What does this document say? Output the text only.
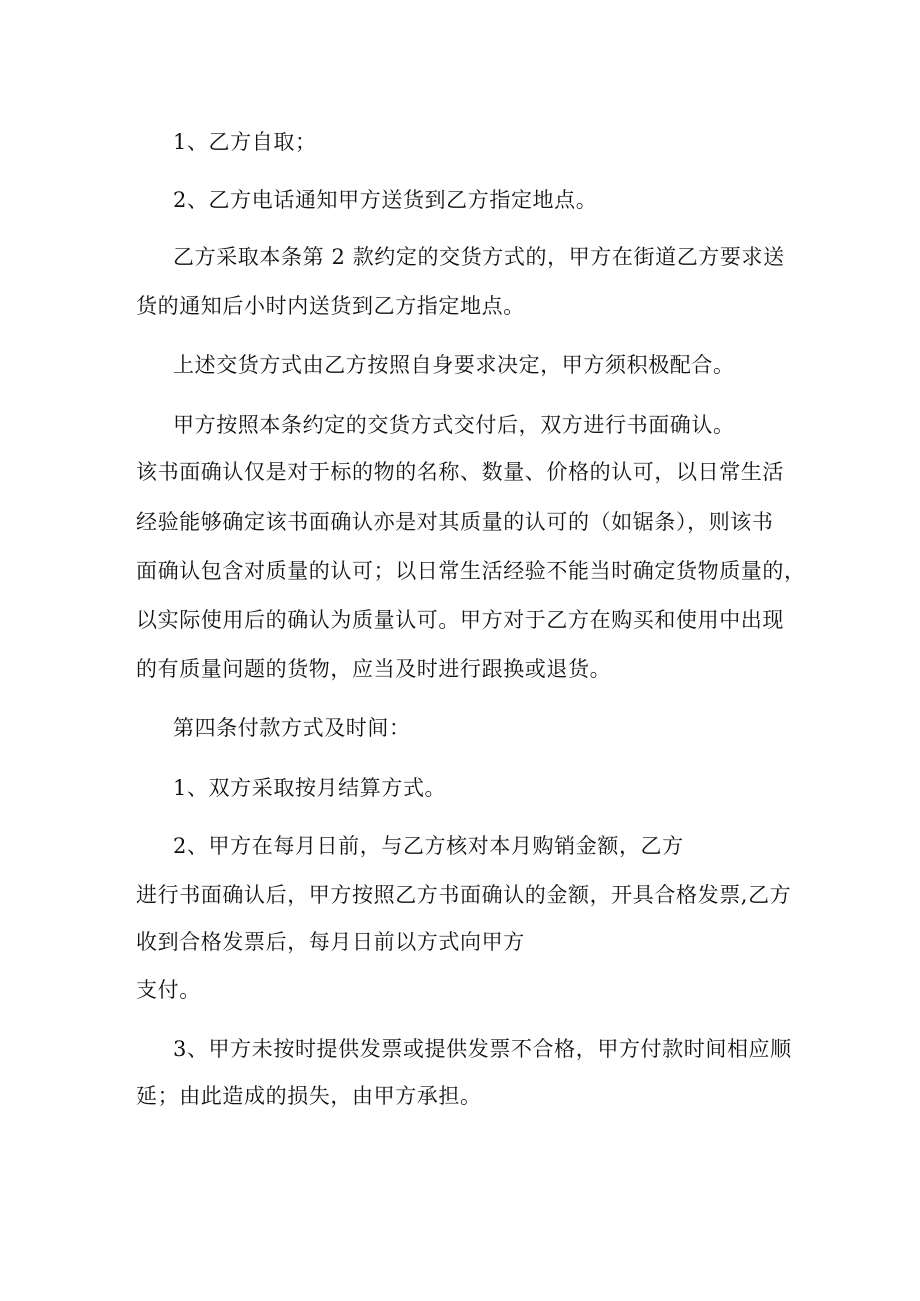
1、乙方自取；
2、乙方电话通知甲方送货到乙方指定地点。
乙方采取本条第 2 款约定的交货方式的，甲方在街道乙方要求送
货的通知后小时内送货到乙方指定地点。
上述交货方式由乙方按照自身要求决定，甲方须积极配合。
甲方按照本条约定的交货方式交付后，双方进行书面确认。
该书面确认仅是对于标的物的名称、数量、价格的认可，以日常生活
经验能够确定该书面确认亦是对其质量的认可的（如锯条），则该书
面确认包含对质量的认可；以日常生活经验不能当时确定货物质量的，
以实际使用后的确认为质量认可。甲方对于乙方在购买和使用中出现
的有质量问题的货物，应当及时进行跟换或退货。
第四条付款方式及时间：
1、双方采取按月结算方式。
2、甲方在每月日前，与乙方核对本月购销金额，乙方
进行书面确认后，甲方按照乙方书面确认的金额，开具合格发票,乙方
收到合格发票后，每月日前以方式向甲方
支付。
3、甲方未按时提供发票或提供发票不合格，甲方付款时间相应顺
延；由此造成的损失，由甲方承担。
